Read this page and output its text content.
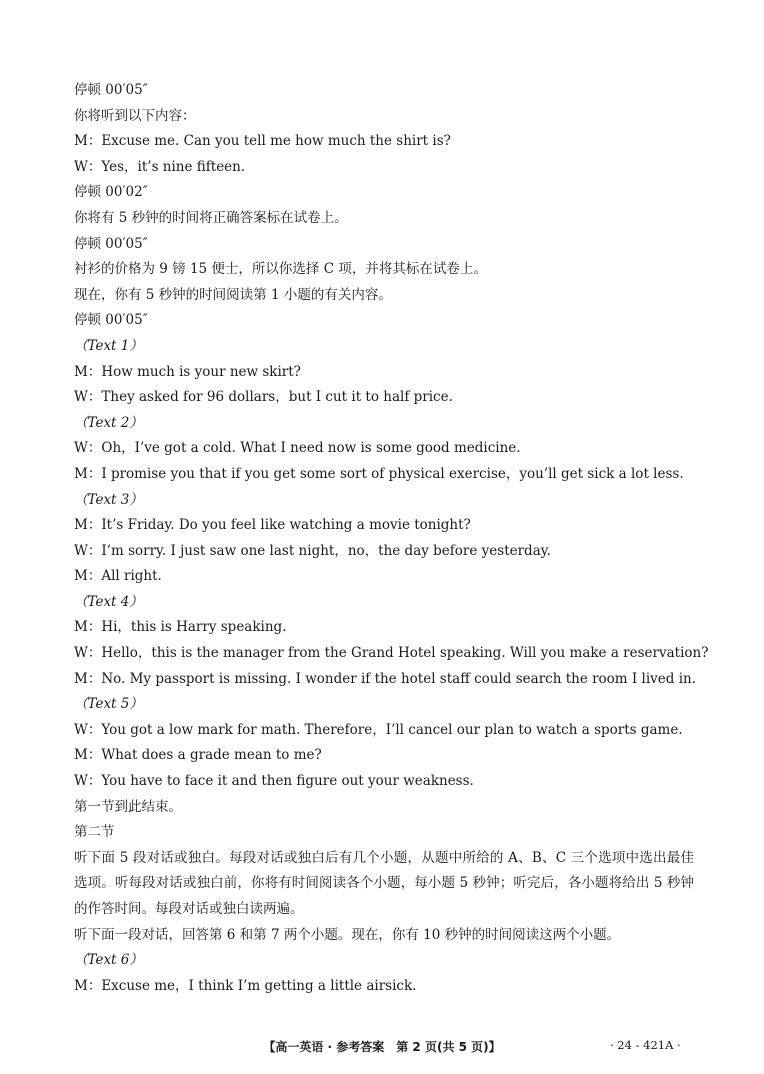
停顿 00′05″
你将听到以下内容：
M：Excuse me. Can you tell me how much the shirt is?
W：Yes，it’s nine fifteen.
停顿 00′02″
你将有 5 秒钟的时间将正确答案标在试卷上。
停顿 00′05″
衬衫的价格为 9 镑 15 便士，所以你选择 C 项，并将其标在试卷上。
现在，你有 5 秒钟的时间阅读第 1 小题的有关内容。
停顿 00′05″
（Text 1）
M：How much is your new skirt?
W：They asked for 96 dollars，but I cut it to half price.
（Text 2）
W：Oh，I’ve got a cold. What I need now is some good medicine.
M：I promise you that if you get some sort of physical exercise，you’ll get sick a lot less.
（Text 3）
M：It’s Friday. Do you feel like watching a movie tonight?
W：I’m sorry. I just saw one last night，no，the day before yesterday.
M：All right.
（Text 4）
M：Hi，this is Harry speaking.
W：Hello，this is the manager from the Grand Hotel speaking. Will you make a reservation?
M：No. My passport is missing. I wonder if the hotel staff could search the room I lived in.
（Text 5）
W：You got a low mark for math. Therefore，I’ll cancel our plan to watch a sports game.
M：What does a grade mean to me?
W：You have to face it and then figure out your weakness.
第一节到此结束。
第二节
听下面 5 段对话或独白。每段对话或独白后有几个小题，从题中所给的 A、B、C 三个选项中选出最佳选项。听每段对话或独白前，你将有时间阅读各个小题，每小题 5 秒钟；听完后，各小题将给出 5 秒钟的作答时间。每段对话或独白读两遍。
听下面一段对话，回答第 6 和第 7 两个小题。现在，你有 10 秒钟的时间阅读这两个小题。
（Text 6）
M：Excuse me，I think I’m getting a little airsick.
【高一英语 · 参考答案　第 2 页(共 5 页)】	· 24 - 421A ·
